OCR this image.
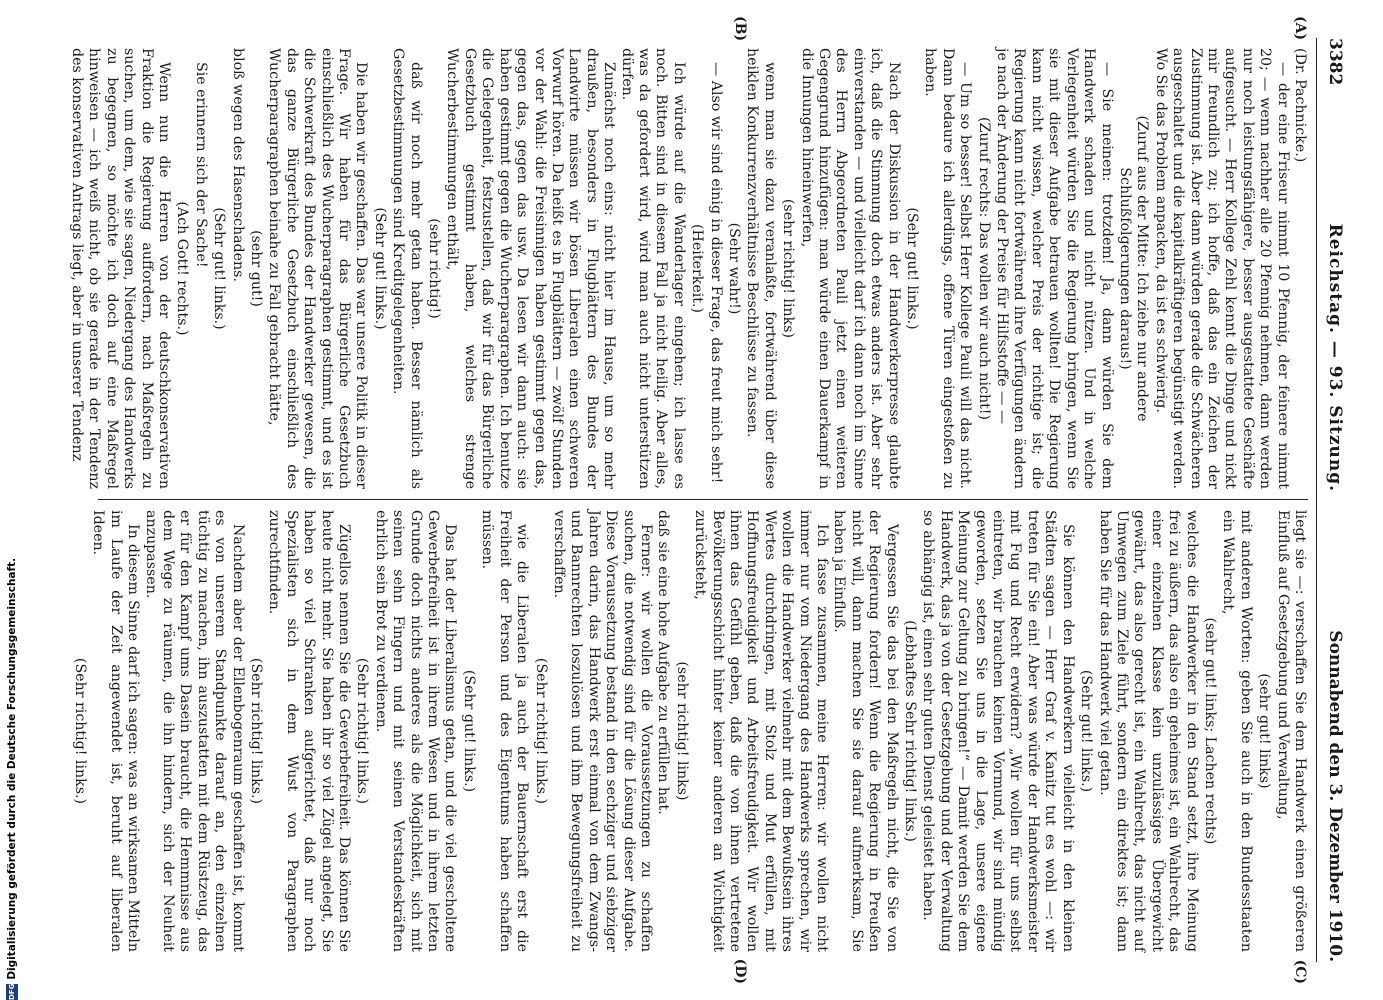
3382
Reichstag. — 93. Sitzung.
Sonnabend den 3. Dezember 1910.
(A)
(B)
(C)
(D)

(Dr. Pachnicke.)

— der eine Friseur nimmt 10 Pfennig, der feinere nimmt 20; — wenn nachher alle 20 Pfennig nehmen, dann werden nur noch leistungsfähigere, besser ausgestattete Geschäfte aufgesucht. — Herr Kollege Zehl kennt die Dinge und nickt mir freundlich zu; ich hoffe, daß das ein Zeichen der Zustimmung ist. Aber dann würden gerade die Schwächeren ausgeschaltet und die kapitalkräftigeren begünstigt werden. Wo Sie das Problem anpacken, da ist es schwierig.

(Zuruf aus der Mitte: Ich ziehe nur andere Schlußfolgerungen daraus!)

— Sie meinen: trotzdem! Ja, dann würden Sie dem Handwerk schaden und nicht nützen. Und in welche Verlegenheit würden Sie die Regierung bringen, wenn Sie sie mit dieser Aufgabe betrauen wollten! Die Regierung kann nicht wissen, welcher Preis der richtige ist; die Regierung kann nicht fortwährend ihre Verfügungen ändern je nach der Änderung der Preise für Hilfsstoffe — —

(Zuruf rechts: Das wollen wir auch nicht!)

— Um so besser! Selbst Herr Kollege Pauli will das nicht. Dann bedaure ich allerdings, offene Türen eingestoßen zu haben.

(Sehr gut! links.)

Nach der Diskussion in der Handwerkerpresse glaubte ich, daß die Stimmung doch etwas anders ist. Aber sehr einverstanden — und vielleicht darf ich dann noch im Sinne des Herrn Abgeordneten Pauli jetzt einen weiteren Gegengrund hinzufügen: man würde einen Dauerkampf in die Innungen hineinwerfen,

(sehr richtig! links)

wenn man sie dazu veranlaßte, fortwährend über diese heiklen Konkurrenzverhältnisse Beschlüsse zu fassen.

(Sehr wahr!)

— Also wir sind einig in dieser Frage, das freut mich sehr!

(Heiterkeit.)

Ich würde auf die Wanderlager eingehen; ich lasse es noch. Bitten sind in diesem Fall ja nicht heilig. Aber alles, was da gefordert wird, wird man auch nicht unterstützen dürfen.

Zunächst noch eins: nicht hier im Hause, um so mehr draußen, besonders in Flugblättern des Bundes der Landwirte müssen wir bösen Liberalen einen schweren Vorwurf hören. Da heißt es in Flugblättern — zwölf Stunden vor der Wahl: die Freisinnigen haben gestimmt gegen das, gegen das, gegen das usw. Da lesen wir dann auch: sie haben gestimmt gegen die Wucherparagraphen. Ich benutze die Gelegenheit, festzustellen, daß wir für das Bürgerliche Gesetzbuch gestimmt haben, welches strenge Wucherbestimmungen enthält,

(sehr richtig!)

daß wir noch mehr getan haben. Besser nämlich als Gesetzbestimmungen sind Kreditgelegenheiten.

(Sehr gut! links.)

Die haben wir geschaffen. Das war unsere Politik in dieser Frage. Wir haben für das Bürgerliche Gesetzbuch einschließlich des Wucherparagraphen gestimmt, und es ist die Schwerkraft des Bundes der Handwerker gewesen, die das ganze Bürgerliche Gesetzbuch einschließlich des Wucherparagraphen beinahe zu Fall gebracht hätte,

(sehr gut!)

bloß wegen des Hasenschadens.

(Sehr gut! links.)

Sie erinnern sich der Sache!

(Ach Gott! rechts.)

Wenn nun die Herren von der deutschkonservativen Fraktion die Regierung auffordern, nach Maßregeln zu suchen, um dem, wie sie sagen, Niedergang des Handwerks zu begegnen, so möchte ich doch auf eine Maßregel hinweisen — ich weiß nicht, ob sie gerade in der Tendenz des konservativen Antrags liegt, aber in unserer Tendenz

liegt sie —: verschaffen Sie dem Handwerk einen größeren Einfluß auf Gesetzgebung und Verwaltung,

(sehr gut! links)

mit anderen Worten: geben Sie auch in den Bundesstaaten ein Wahlrecht,

(sehr gut! links; Lachen rechts)

welches die Handwerker in den Stand setzt, ihre Meinung frei zu äußern, das also ein geheimes ist, ein Wahlrecht, das einer einzelnen Klasse kein unzulässiges Übergewicht gewährt, das also gerecht ist, ein Wahlrecht, das nicht auf Umwegen zum Ziele führt, sondern ein direktes ist; dann haben Sie für das Handwerk viel getan.

(Sehr gut! links.)

Sie können den Handwerkern vielleicht in den kleinen Städten sagen — Herr Graf v. Kanitz tut es wohl —: wir treten für Sie ein! Aber was würde der Handwerksmeister mit Fug und Recht erwidern? „Wir wollen für uns selbst eintreten, wir brauchen keinen Vormund, wir sind mündig geworden, setzen Sie uns in die Lage, unsere eigene Meinung zur Geltung zu bringen!“ — Damit werden Sie dem Handwerk, das ja von der Gesetzgebung und der Verwaltung so abhängig ist, einen sehr guten Dienst geleistet haben.

(Lebhaftes Sehr richtig! links.)

Vergessen Sie das bei den Maßregeln nicht, die Sie von der Regierung fordern! Wenn die Regierung in Preußen nicht will, dann machen Sie sie darauf aufmerksam, Sie haben ja Einfluß.

Ich fasse zusammen, meine Herren: wir wollen nicht immer nur vom Niedergang des Handwerks sprechen, wir wollen die Handwerker vielmehr mit dem Bewußtsein ihres Wertes durchdringen, mit Stolz und Mut erfüllen, mit Hoffnungsfreudigkeit und Arbeitsfreudigkeit. Wir wollen ihnen das Gefühl geben, daß die von ihnen vertretene Bevölkerungsschicht hinter keiner anderen an Wichtigkeit zurücksteht,

(sehr richtig! links)

daß sie eine hohe Aufgabe zu erfüllen hat.

Ferner: wir wollen die Voraussetzungen zu schaffen suchen, die notwendig sind für die Lösung dieser Aufgabe. Diese Voraussetzung bestand in den sechziger und siebziger Jahren darin, das Handwerk erst einmal von dem Zwangs- und Bannrechten loszulösen und ihm Bewegungsfreiheit zu verschaffen.

(Sehr richtig! links.)

wie die Liberalen ja auch der Bauernschaft erst die Freiheit der Person und des Eigentums haben schaffen müssen.

(Sehr gut! links.)

Das hat der Liberalismus getan, und die viel gescholtene Gewerbefreiheit ist in ihrem Wesen und in ihrem letzten Grunde doch nichts anderes als die Möglichkeit, sich mit seinen sehn Fingern und mit seinen Verstandeskräften ehrlich sein Brot zu verdienen.

(Sehr richtig! links.)

Zügellos nennen Sie die Gewerbefreiheit. Das können Sie heute nicht mehr. Sie haben ihr so viel Zügel angelegt, Sie haben so viel Schranken aufgerichtet, daß nur noch Spezialisten sich in dem Wust von Paragraphen zurechtfinden.

(Sehr richtig! links.)

Nachdem aber der Ellenbogenraum geschaffen ist, kommt es von unserem Standpunkte darauf an, den einzelnen tüchtig zu machen, ihn auszustatten mit dem Rüstzeug, das er für den Kampf ums Dasein braucht, die Hemmnisse aus dem Wege zu räumen, die ihn hindern, sich der Neuheit anzupassen.

In diesem Sinne darf ich sagen: was an wirksamen Mitteln im Laufe der Zeit angewendet ist, beruht auf liberalen Ideen.

(Sehr richtig! links.)

DFG
Digitalisierung gefördert durch die Deutsche Forschungsgemeinschaft.
